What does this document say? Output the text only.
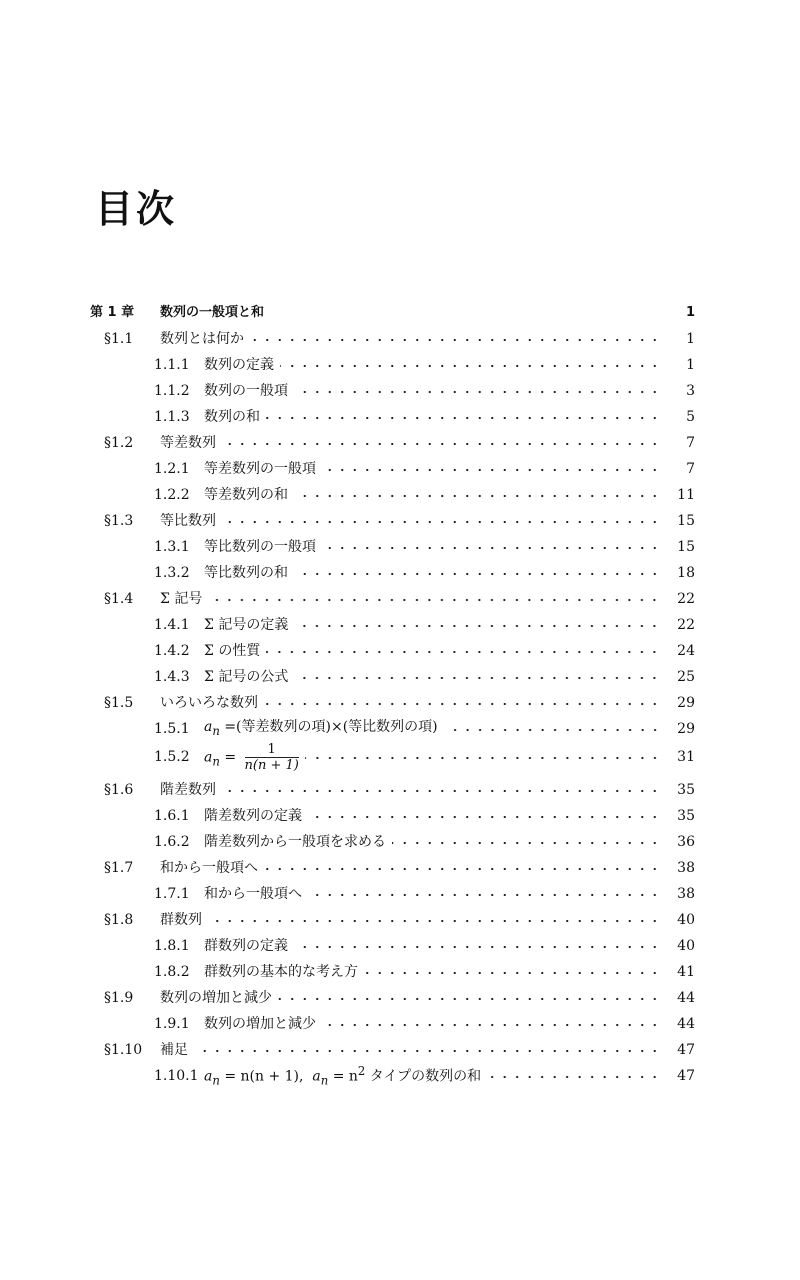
目次
第 1 章	数列の一般項と和	1
§1.1	数列とは何か	1
1.1.1	数列の定義	1
1.1.2	数列の一般項	3
1.1.3	数列の和	5
§1.2	等差数列	7
1.2.1	等差数列の一般項	7
1.2.2	等差数列の和	11
§1.3	等比数列	15
1.3.1	等比数列の一般項	15
1.3.2	等比数列の和	18
§1.4	Σ 記号	22
1.4.1	Σ 記号の定義	22
1.4.2	Σ の性質	24
1.4.3	Σ 記号の公式	25
§1.5	いろいろな数列	29
1.5.1	$a_n$ =(等差数列の項)×(等比数列の項)	29
1.5.2	$a_n = \frac{1}{n(n + 1)}$	31
§1.6	階差数列	35
1.6.1	階差数列の定義	35
1.6.2	階差数列から一般項を求める	36
§1.7	和から一般項へ	38
1.7.1	和から一般項へ	38
§1.8	群数列	40
1.8.1	群数列の定義	40
1.8.2	群数列の基本的な考え方	41
§1.9	数列の増加と減少	44
1.9.1	数列の増加と減少	44
§1.10	補足	47
1.10.1 $a_n = n(n + 1)$, $a_n = n^2$ タイプの数列の和	47
